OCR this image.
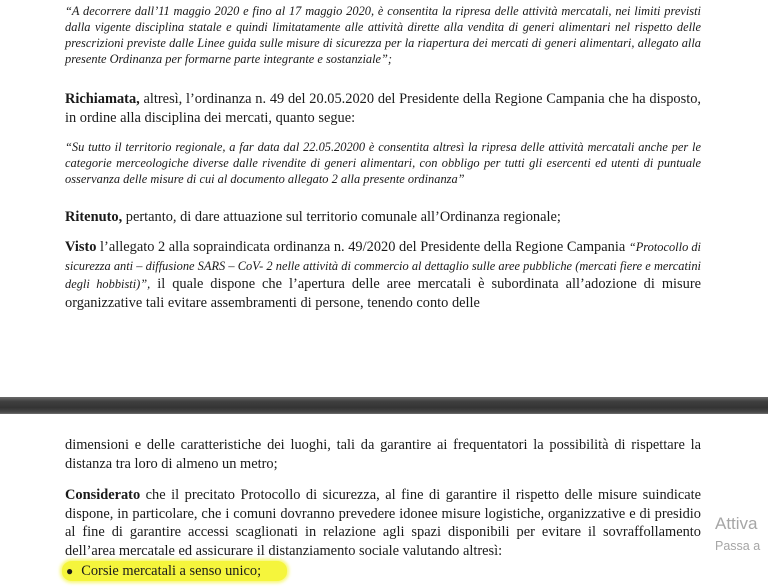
“A decorrere dall’11 maggio 2020 e fino al 17 maggio 2020, è consentita la ripresa delle attività mercatali, nei limiti previsti dalla vigente disciplina statale e quindi limitatamente alle attività dirette alla vendita di generi alimentari nel rispetto delle prescrizioni previste dalle Linee guida sulle misure di sicurezza per la riapertura dei mercati di generi alimentari, allegato alla presente Ordinanza per formarne parte integrante e sostanziale”;
Richiamata, altresì, l’ordinanza n. 49 del 20.05.2020 del Presidente della Regione Campania che ha disposto, in ordine alla disciplina dei mercati, quanto segue:
“Su tutto il territorio regionale, a far data dal 22.05.20200 è consentita altresì la ripresa delle attività mercatali anche per le categorie merceologiche diverse dalle rivendite di generi alimentari, con obbligo per tutti gli esercenti ed utenti di puntuale osservanza delle misure di cui al documento allegato 2 alla presente ordinanza”
Ritenuto, pertanto, di dare attuazione sul territorio comunale all’Ordinanza regionale;
Visto l’allegato 2 alla sopraindicata ordinanza n. 49/2020 del Presidente della Regione Campania “Protocollo di sicurezza anti – diffusione SARS – CoV- 2 nelle attività di commercio al dettaglio sulle aree pubbliche (mercati fiere e mercatini degli hobbisti)”, il quale dispone che l’apertura delle aree mercatali è subordinata all’adozione di misure organizzative tali evitare assembramenti di persone, tenendo conto delle
dimensioni e delle caratteristiche dei luoghi, tali da garantire ai frequentatori la possibilità di rispettare la distanza tra loro di almeno un metro;
Considerato che il precitato Protocollo di sicurezza, al fine di garantire il rispetto delle misure suindicate dispone, in particolare, che i comuni dovranno prevedere idonee misure logistiche, organizzative e di presidio al fine di garantire accessi scaglionati in relazione agli spazi disponibili per evitare il sovraffollamento dell’area mercatale ed assicurare il distanziamento sociale valutando altresì:
● Corsie mercatali a senso unico;
Attiva
Passa a
